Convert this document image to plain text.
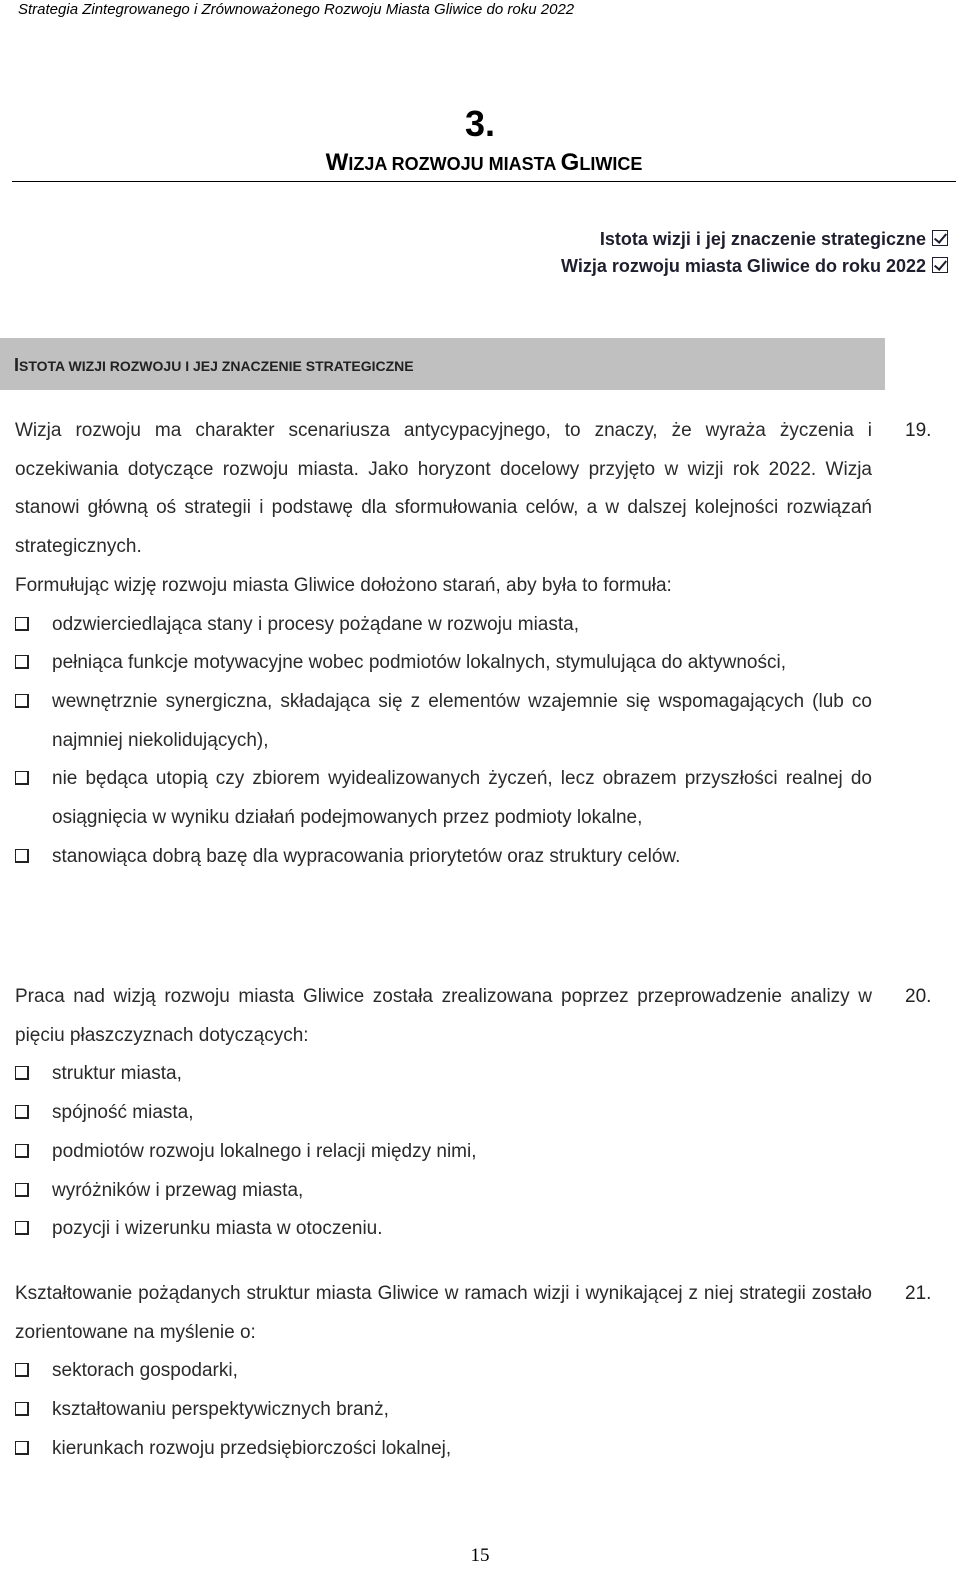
Strategia Zintegrowanego i Zrównoważonego Rozwoju Miasta Gliwice do roku 2022
3.
WIZJA ROZWOJU MIASTA GLIWICE
Istota wizji i jej znaczenie strategiczne
Wizja rozwoju miasta Gliwice do roku 2022
ISTOTA WIZJI ROZWOJU I JEJ ZNACZENIE STRATEGICZNE
19.

Wizja rozwoju ma charakter scenariusza antycypacyjnego, to znaczy, że wyraża życzenia i oczekiwania dotyczące rozwoju miasta. Jako horyzont docelowy przyjęto w wizji rok 2022. Wizja stanowi główną oś strategii i podstawę dla sformułowania celów, a w dalszej kolejności rozwiązań strategicznych.

Formułując wizję rozwoju miasta Gliwice dołożono starań, aby była to formuła:

odzwierciedlająca stany i procesy pożądane w rozwoju miasta,
pełniąca funkcje motywacyjne wobec podmiotów lokalnych, stymulująca do aktywności,
wewnętrznie synergiczna, składająca się z elementów wzajemnie się wspomagających (lub co najmniej niekolidujących),
nie będąca utopią czy zbiorem wyidealizowanych życzeń, lecz obrazem przyszłości realnej do osiągnięcia w wyniku działań podejmowanych przez podmioty lokalne,
stanowiąca dobrą bazę dla wypracowania priorytetów oraz struktury celów.
20.

Praca nad wizją rozwoju miasta Gliwice została zrealizowana poprzez przeprowadzenie analizy w pięciu płaszczyznach dotyczących:

struktur miasta,
spójność miasta,
podmiotów rozwoju lokalnego i relacji między nimi,
wyróżników i przewag miasta,
pozycji i wizerunku miasta w otoczeniu.
21.

Kształtowanie pożądanych struktur miasta Gliwice w ramach wizji i wynikającej z niej strategii zostało zorientowane na myślenie o:

sektorach gospodarki,
kształtowaniu perspektywicznych branż,
kierunkach rozwoju przedsiębiorczości lokalnej,
15
